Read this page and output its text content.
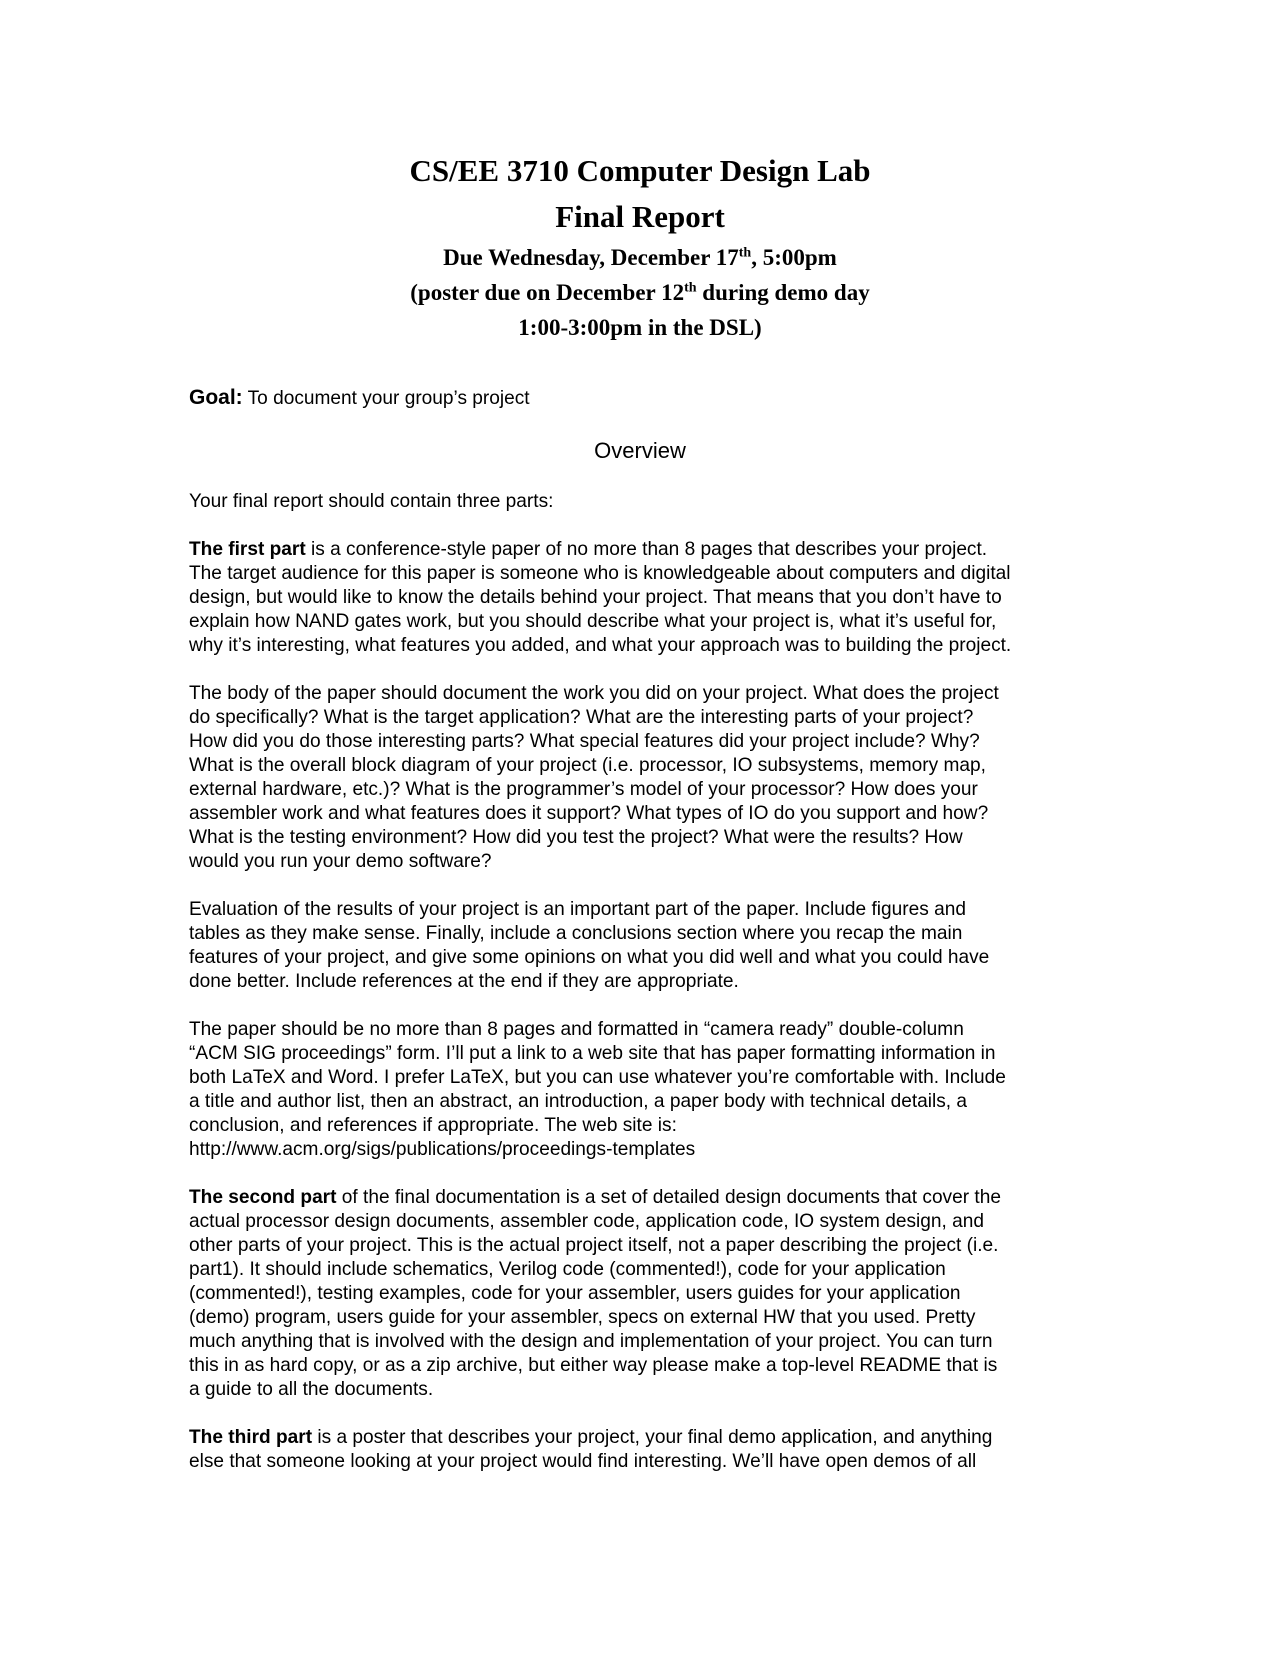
CS/EE 3710 Computer Design Lab
Final Report
Due Wednesday, December 17th, 5:00pm
(poster due on December 12th during demo day
1:00-3:00pm in the DSL)
Goal: To document your group’s project
Overview

Your final report should contain three parts:

The first part is a conference-style paper of no more than 8 pages that describes your project.
The target audience for this paper is someone who is knowledgeable about computers and digital
design, but would like to know the details behind your project. That means that you don’t have to
explain how NAND gates work, but you should describe what your project is, what it’s useful for,
why it’s interesting, what features you added, and what your approach was to building the project.

The body of the paper should document the work you did on your project. What does the project
do specifically? What is the target application? What are the interesting parts of your project?
How did you do those interesting parts? What special features did your project include? Why?
What is the overall block diagram of your project (i.e. processor, IO subsystems, memory map,
external hardware, etc.)? What is the programmer’s model of your processor? How does your
assembler work and what features does it support? What types of IO do you support and how?
What is the testing environment? How did you test the project? What were the results? How
would you run your demo software?

Evaluation of the results of your project is an important part of the paper. Include figures and
tables as they make sense. Finally, include a conclusions section where you recap the main
features of your project, and give some opinions on what you did well and what you could have
done better. Include references at the end if they are appropriate.

The paper should be no more than 8 pages and formatted in “camera ready” double-column
“ACM SIG proceedings” form. I’ll put a link to a web site that has paper formatting information in
both LaTeX and Word. I prefer LaTeX, but you can use whatever you’re comfortable with. Include
a title and author list, then an abstract, an introduction, a paper body with technical details, a
conclusion, and references if appropriate. The web site is:
http://www.acm.org/sigs/publications/proceedings-templates

The second part of the final documentation is a set of detailed design documents that cover the
actual processor design documents, assembler code, application code, IO system design, and
other parts of your project. This is the actual project itself, not a paper describing the project (i.e.
part1). It should include schematics, Verilog code (commented!), code for your application
(commented!), testing examples, code for your assembler, users guides for your application
(demo) program, users guide for your assembler, specs on external HW that you used. Pretty
much anything that is involved with the design and implementation of your project. You can turn
this in as hard copy, or as a zip archive, but either way please make a top-level README that is
a guide to all the documents.

The third part is a poster that describes your project, your final demo application, and anything
else that someone looking at your project would find interesting. We’ll have open demos of all
